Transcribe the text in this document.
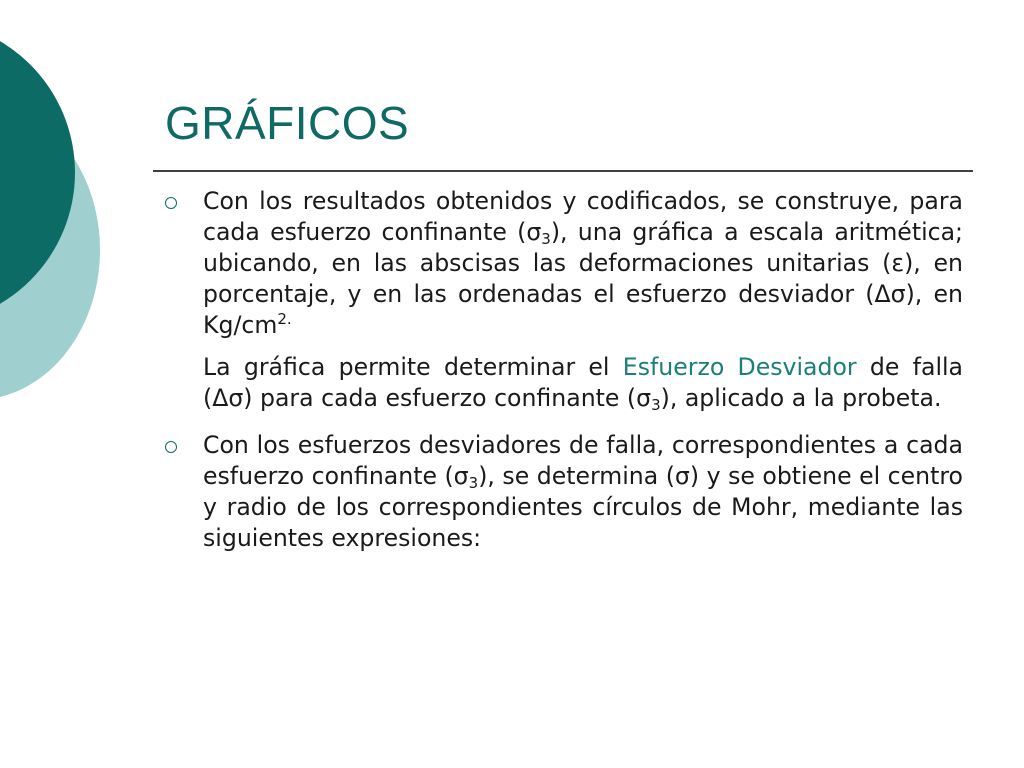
GRÁFICOS

Con los resultados obtenidos y codificados, se construye, para cada esfuerzo confinante $(\sigma_3)$, una gráfica a escala aritmética; ubicando, en las abscisas las deformaciones unitarias (ε), en porcentaje, y en las ordenadas el esfuerzo desviador (Δσ), en $Kg/cm^{2.}$

La gráfica permite determinar el Esfuerzo Desviador de falla (Δσ) para cada esfuerzo confinante $(\sigma_3)$, aplicado a la probeta.

Con los esfuerzos desviadores de falla, correspondientes a cada esfuerzo confinante $(\sigma_3)$, se determina (σ) y se obtiene el centro y radio de los correspondientes círculos de Mohr, mediante las siguientes expresiones:
